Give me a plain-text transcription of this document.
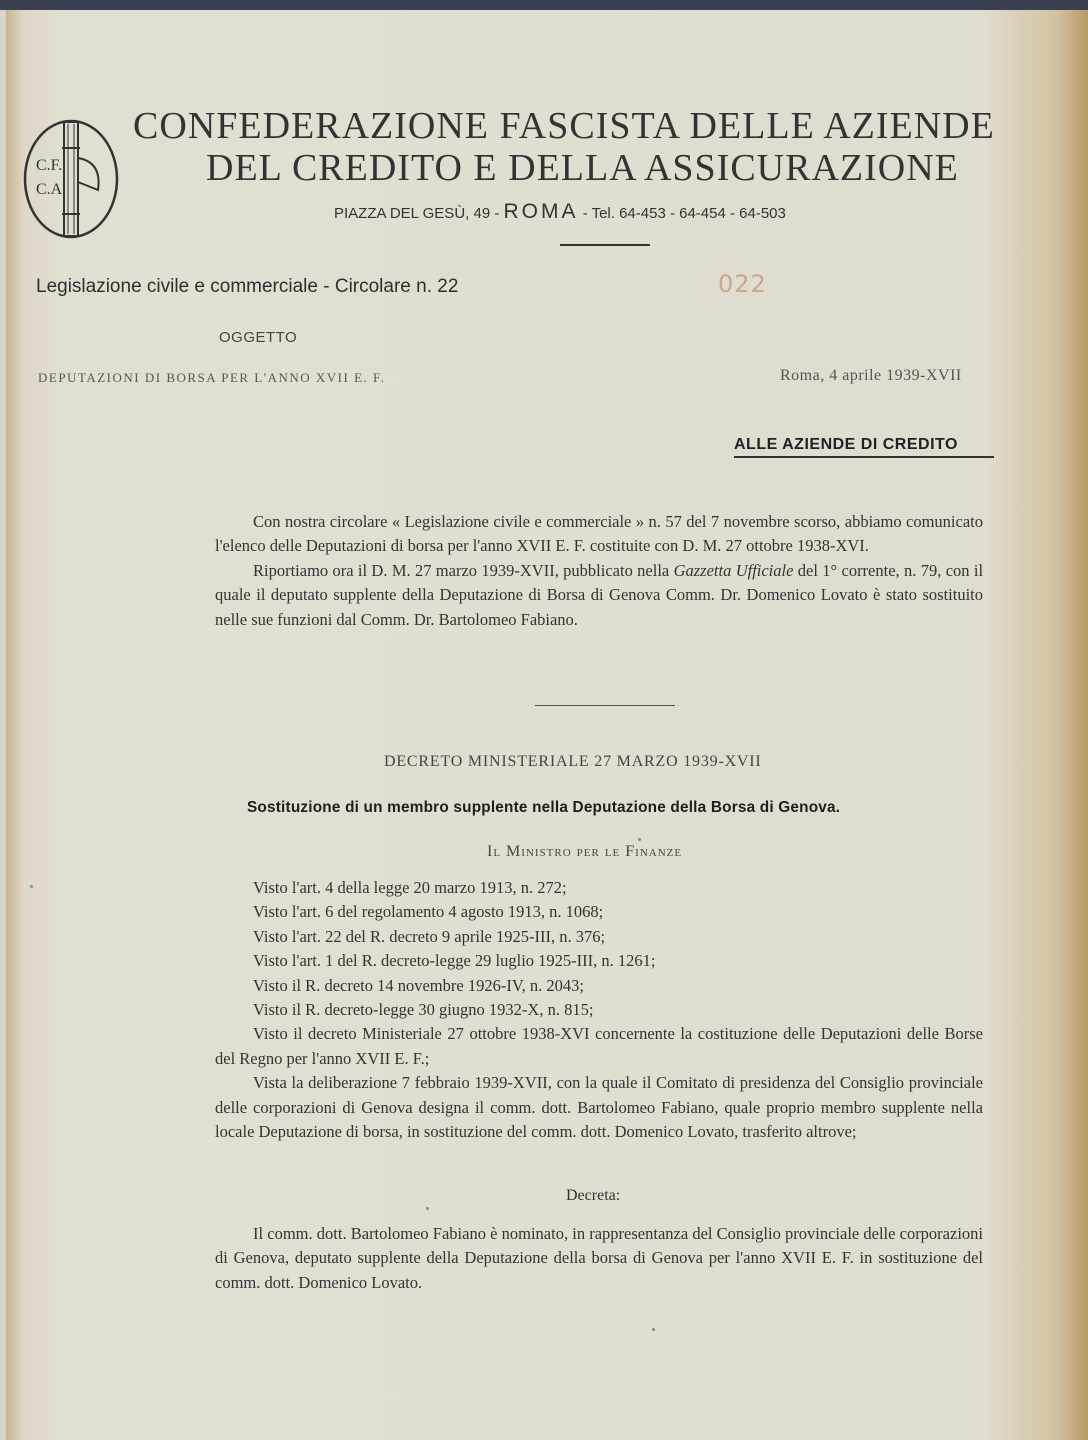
C.F.
C.A.
CONFEDERAZIONE FASCISTA DELLE AZIENDE
DEL CREDITO E DELLA ASSICURAZIONE
PIAZZA DEL GESÙ, 49 - ROMA - Tel. 64-453 - 64-454 - 64-503
Legislazione civile e commerciale - Circolare n. 22	022
OGGETTO
DEPUTAZIONI DI BORSA PER L'ANNO XVII E. F.	Roma, 4 aprile 1939-XVII
ALLE AZIENDE DI CREDITO

Con nostra circolare « Legislazione civile e commerciale » n. 57 del 7 novembre scorso, abbiamo comunicato l'elenco delle Deputazioni di borsa per l'anno XVII E. F. costituite con D. M. 27 ottobre 1938-XVI.

Riportiamo ora il D. M. 27 marzo 1939-XVII, pubblicato nella Gazzetta Ufficiale del 1° corrente, n. 79, con il quale il deputato supplente della Deputazione di Borsa di Genova Comm. Dr. Domenico Lovato è stato sostituito nelle sue funzioni dal Comm. Dr. Bartolomeo Fabiano.

DECRETO MINISTERIALE 27 MARZO 1939-XVII
Sostituzione di un membro supplente nella Deputazione della Borsa di Genova.
Il Ministro per le Finanze

Visto l'art. 4 della legge 20 marzo 1913, n. 272;

Visto l'art. 6 del regolamento 4 agosto 1913, n. 1068;

Visto l'art. 22 del R. decreto 9 aprile 1925-III, n. 376;

Visto l'art. 1 del R. decreto-legge 29 luglio 1925-III, n. 1261;

Visto il R. decreto 14 novembre 1926-IV, n. 2043;

Visto il R. decreto-legge 30 giugno 1932-X, n. 815;

Visto il decreto Ministeriale 27 ottobre 1938-XVI concernente la costituzione delle Deputazioni delle Borse del Regno per l'anno XVII E. F.;

Vista la deliberazione 7 febbraio 1939-XVII, con la quale il Comitato di presidenza del Consiglio provinciale delle corporazioni di Genova designa il comm. dott. Bartolomeo Fabiano, quale proprio membro supplente nella locale Deputazione di borsa, in sostituzione del comm. dott. Domenico Lovato, trasferito altrove;

Decreta:

Il comm. dott. Bartolomeo Fabiano è nominato, in rappresentanza del Consiglio provinciale delle corporazioni di Genova, deputato supplente della Deputazione della borsa di Genova per l'anno XVII E. F. in sostituzione del comm. dott. Domenico Lovato.
